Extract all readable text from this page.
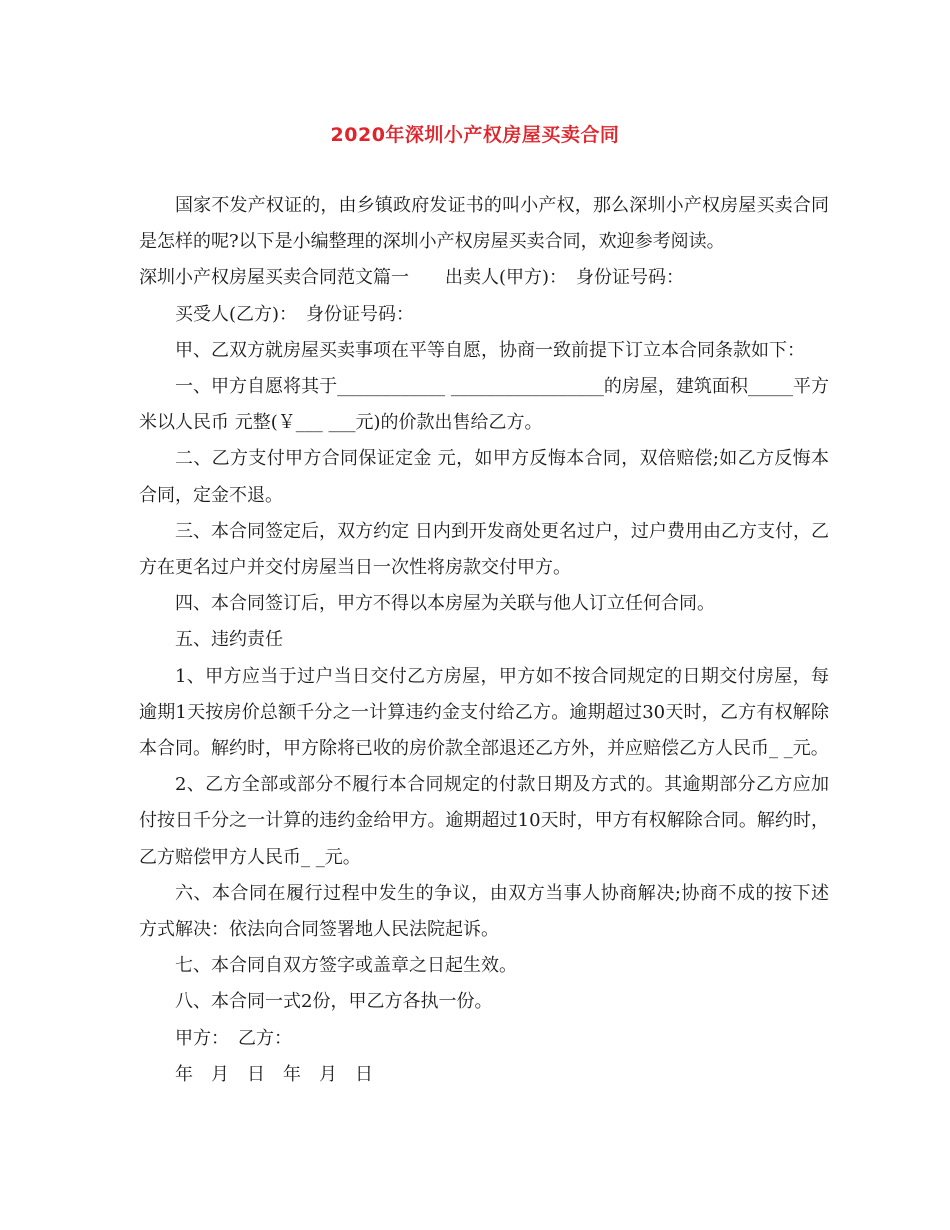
2020年深圳小产权房屋买卖合同

国家不发产权证的，由乡镇政府发证书的叫小产权，那么深圳小产权房屋买卖合同是怎样的呢?以下是小编整理的深圳小产权房屋买卖合同，欢迎参考阅读。

深圳小产权房屋买卖合同范文篇一　　出卖人(甲方)：　身份证号码：

买受人(乙方)：　身份证号码：

甲、乙双方就房屋买卖事项在平等自愿，协商一致前提下订立本合同条款如下：

一、甲方自愿将其于____________ _________________的房屋，建筑面积_____平方米以人民币 元整(￥___ ___元)的价款出售给乙方。

二、乙方支付甲方合同保证定金 元，如甲方反悔本合同，双倍赔偿;如乙方反悔本合同，定金不退。

三、本合同签定后，双方约定 日内到开发商处更名过户，过户费用由乙方支付，乙方在更名过户并交付房屋当日一次性将房款交付甲方。

四、本合同签订后，甲方不得以本房屋为关联与他人订立任何合同。

五、违约责任

1、甲方应当于过户当日交付乙方房屋，甲方如不按合同规定的日期交付房屋，每逾期1天按房价总额千分之一计算违约金支付给乙方。逾期超过30天时，乙方有权解除本合同。解约时，甲方除将已收的房价款全部退还乙方外，并应赔偿乙方人民币_ _元。

2、乙方全部或部分不履行本合同规定的付款日期及方式的。其逾期部分乙方应加付按日千分之一计算的违约金给甲方。逾期超过10天时，甲方有权解除合同。解约时，乙方赔偿甲方人民币_ _元。

六、本合同在履行过程中发生的争议，由双方当事人协商解决;协商不成的按下述方式解决：依法向合同签署地人民法院起诉。

七、本合同自双方签字或盖章之日起生效。

八、本合同一式2份，甲乙方各执一份。

甲方：　乙方：

年　月　日　年　月　日
